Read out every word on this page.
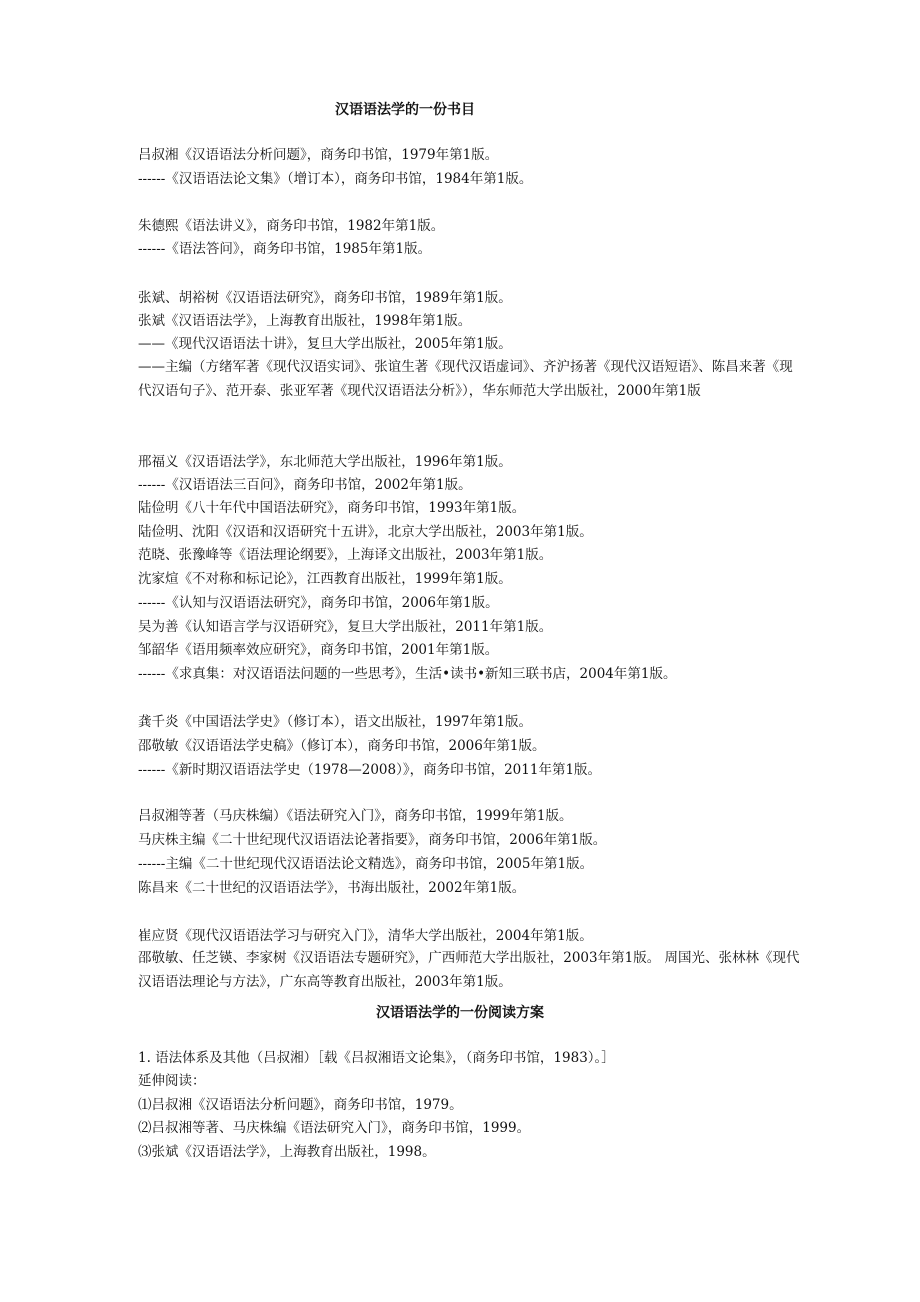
汉语语法学的一份书目
吕叔湘《汉语语法分析问题》，商务印书馆，1979年第1版。
------《汉语语法论文集》（增订本），商务印书馆，1984年第1版。
朱德熙《语法讲义》，商务印书馆，1982年第1版。
------《语法答问》，商务印书馆，1985年第1版。
张斌、胡裕树《汉语语法研究》，商务印书馆，1989年第1版。
张斌《汉语语法学》，上海教育出版社，1998年第1版。
——《现代汉语语法十讲》，复旦大学出版社，2005年第1版。
——主编（方绪军著《现代汉语实词》、张谊生著《现代汉语虚词》、齐沪扬著《现代汉语短语》、陈昌来著《现代汉语句子》、范开泰、张亚军著《现代汉语语法分析》），华东师范大学出版社，2000年第1版
邢福义《汉语语法学》，东北师范大学出版社，1996年第1版。
------《汉语语法三百问》，商务印书馆，2002年第1版。
陆俭明《八十年代中国语法研究》，商务印书馆，1993年第1版。
陆俭明、沈阳《汉语和汉语研究十五讲》，北京大学出版社，2003年第1版。
范晓、张豫峰等《语法理论纲要》，上海译文出版社，2003年第1版。
沈家煊《不对称和标记论》，江西教育出版社，1999年第1版。
------《认知与汉语语法研究》，商务印书馆，2006年第1版。
吴为善《认知语言学与汉语研究》，复旦大学出版社，2011年第1版。
邹韶华《语用频率效应研究》，商务印书馆，2001年第1版。
------《求真集：对汉语语法问题的一些思考》，生活•读书•新知三联书店，2004年第1版。
龚千炎《中国语法学史》（修订本），语文出版社，1997年第1版。
邵敬敏《汉语语法学史稿》（修订本），商务印书馆，2006年第1版。
------《新时期汉语语法学史（1978—2008）》，商务印书馆，2011年第1版。
吕叔湘等著（马庆株编）《语法研究入门》，商务印书馆，1999年第1版。
马庆株主编《二十世纪现代汉语语法论著指要》，商务印书馆，2006年第1版。
------主编《二十世纪现代汉语语法论文精选》，商务印书馆，2005年第1版。
陈昌来《二十世纪的汉语语法学》，书海出版社，2002年第1版。
崔应贤《现代汉语语法学习与研究入门》，清华大学出版社，2004年第1版。
邵敬敏、任芝锳、李家树《汉语语法专题研究》，广西师范大学出版社，2003年第1版。 周国光、张林林《现代汉语语法理论与方法》，广东高等教育出版社，2003年第1版。
汉语语法学的一份阅读方案
1. 语法体系及其他（吕叔湘）［载《吕叔湘语文论集》，（商务印书馆，1983）。］
延伸阅读：
⑴吕叔湘《汉语语法分析问题》，商务印书馆，1979。
⑵吕叔湘等著、马庆株编《语法研究入门》，商务印书馆，1999。
⑶张斌《汉语语法学》，上海教育出版社，1998。
